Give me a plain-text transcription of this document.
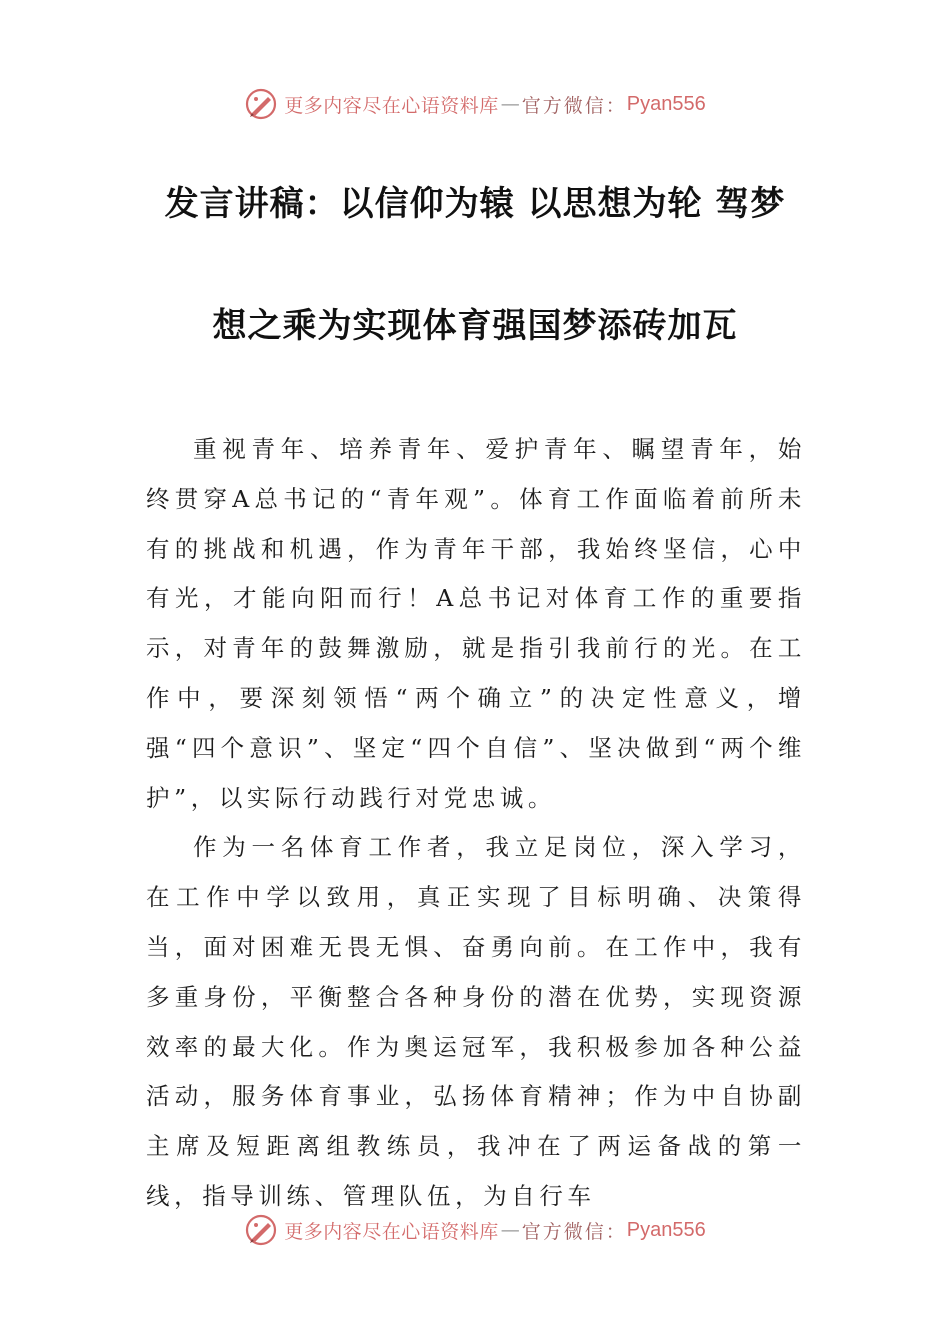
更多内容尽在心语资料库 — 官方微信： Pyan556
发言讲稿：以信仰为辕 以思想为轮 驾梦
想之乘为实现体育强国梦添砖加瓦

重视青年、培养青年、爱护青年、瞩望青年，始终贯穿A总书记的“青年观”。体育工作面临着前所未有的挑战和机遇，作为青年干部，我始终坚信，心中有光，才能向阳而行！A总书记对体育工作的重要指示，对青年的鼓舞激励，就是指引我前行的光。在工作中，要深刻领悟“两个确立”的决定性意义，增强“四个意识”、坚定“四个自信”、坚决做到“两个维护”，以实际行动践行对党忠诚。

作为一名体育工作者，我立足岗位，深入学习，在工作中学以致用，真正实现了目标明确、决策得当，面对困难无畏无惧、奋勇向前。在工作中，我有多重身份，平衡整合各种身份的潜在优势，实现资源效率的最大化。作为奥运冠军，我积极参加各种公益活动，服务体育事业，弘扬体育精神；作为中自协副主席及短距离组教练员，我冲在了两运备战的第一线，指导训练、管理队伍，为自行车

更多内容尽在心语资料库 — 官方微信： Pyan556
